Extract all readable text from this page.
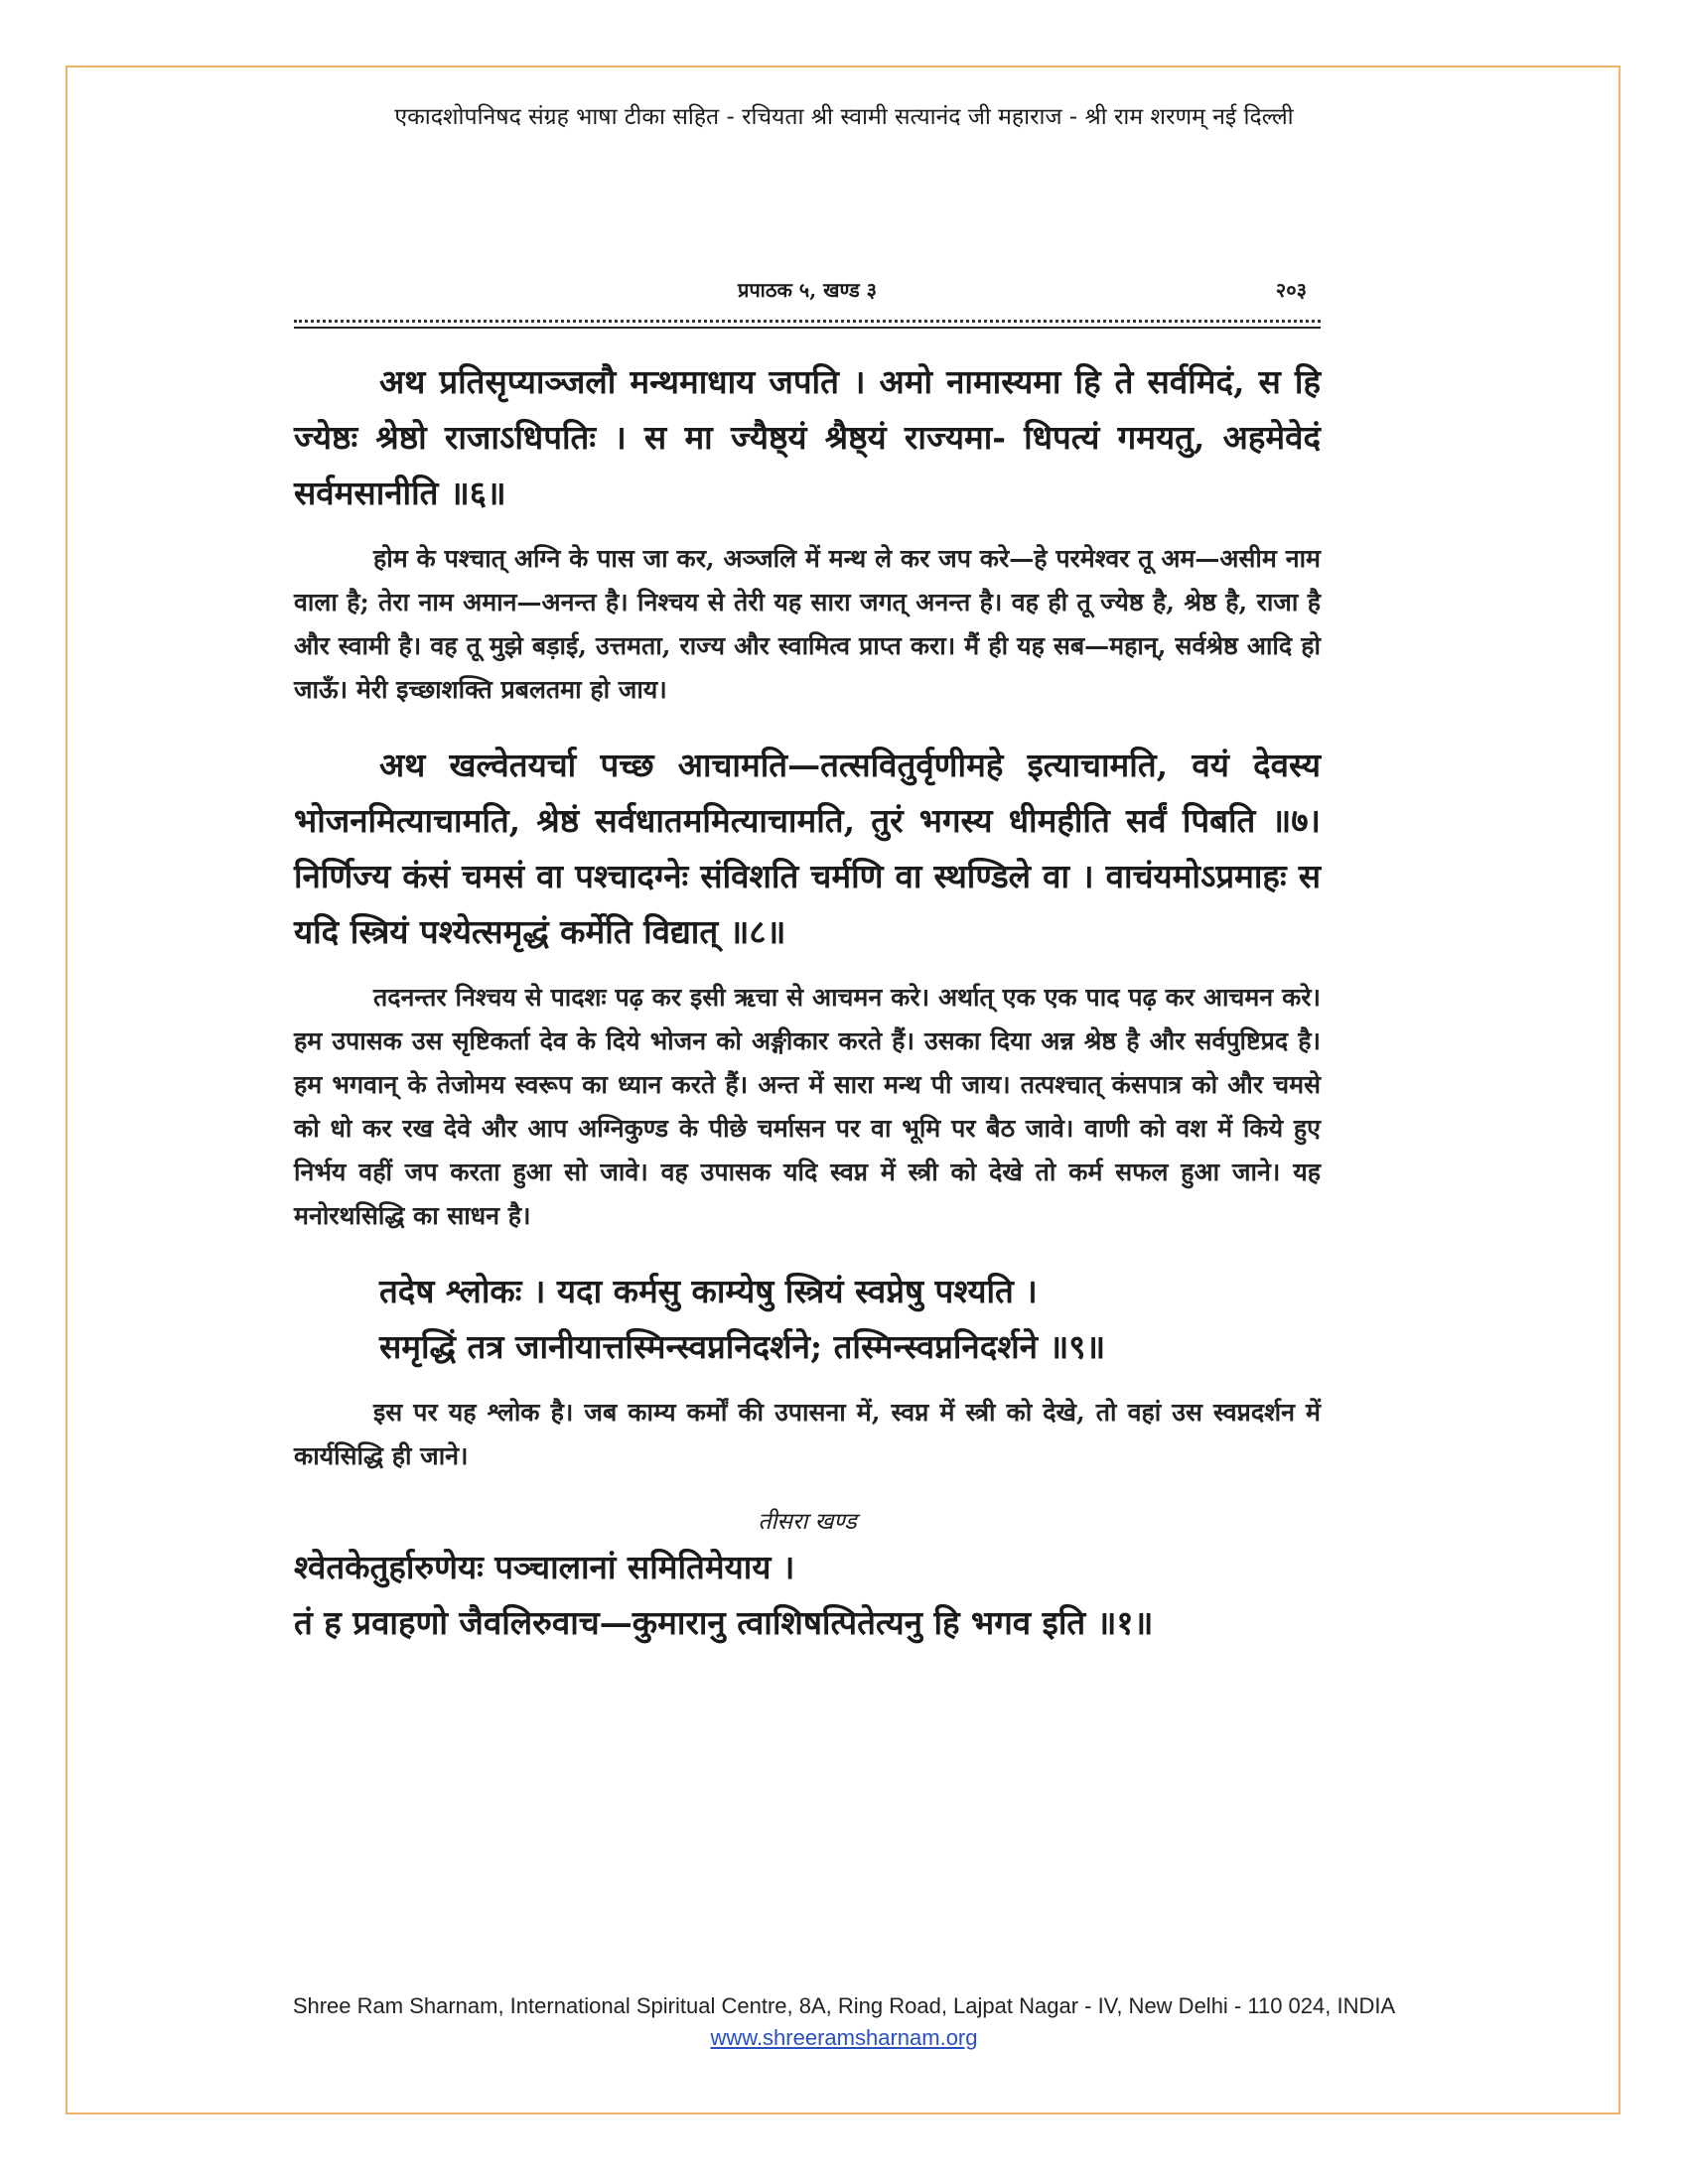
एकादशोपनिषद संग्रह भाषा टीका सहित - रचियता श्री स्वामी सत्यानंद जी महाराज - श्री राम शरणम् नई दिल्ली
प्रपाठक ५, खण्ड ३	२०३

अथ प्रतिसृप्याञ्जलौ मन्थमाधाय जपति । अमो नामास्यमा हि ते सर्वमिदं, स हि ज्येष्ठः श्रेष्ठो राजाऽधिपतिः । स मा ज्यैष्ठ्यं श्रैष्ठ्यं राज्यमा- धिपत्यं गमयतु, अहमेवेदं सर्वमसानीति ॥६॥

होम के पश्चात् अग्नि के पास जा कर, अञ्जलि में मन्थ ले कर जप करे—हे परमेश्वर तू अम—असीम नाम वाला है; तेरा नाम अमान—अनन्त है। निश्चय से तेरी यह सारा जगत् अनन्त है। वह ही तू ज्येष्ठ है, श्रेष्ठ है, राजा है और स्वामी है। वह तू मुझे बड़ाई, उत्तमता, राज्य और स्वामित्व प्राप्त करा। मैं ही यह सब—महान्, सर्वश्रेष्ठ आदि हो जाऊँ। मेरी इच्छाशक्ति प्रबलतमा हो जाय।

अथ खल्वेतयर्चा पच्छ आचामति—तत्सवितुर्वृणीमहे इत्याचामति, वयं देवस्य भोजनमित्याचामति, श्रेष्ठं सर्वधातममित्याचामति, तुरं भगस्य धीमहीति सर्वं पिबति ॥७। निर्णिज्य कंसं चमसं वा पश्चादग्नेः संविशति चर्मणि वा स्थण्डिले वा । वाचंयमोऽप्रमाहः स यदि स्त्रियं पश्येत्समृद्धं कर्मेति विद्यात् ॥८॥

तदनन्तर निश्चय से पादशः पढ़ कर इसी ऋचा से आचमन करे। अर्थात् एक एक पाद पढ़ कर आचमन करे। हम उपासक उस सृष्टिकर्ता देव के दिये भोजन को अङ्गीकार करते हैं। उसका दिया अन्न श्रेष्ठ है और सर्वपुष्टिप्रद है। हम भगवान् के तेजोमय स्वरूप का ध्यान करते हैं। अन्त में सारा मन्थ पी जाय। तत्पश्चात् कंसपात्र को और चमसे को धो कर रख देवे और आप अग्निकुण्ड के पीछे चर्मासन पर वा भूमि पर बैठ जावे। वाणी को वश में किये हुए निर्भय वहीं जप करता हुआ सो जावे। वह उपासक यदि स्वप्न में स्त्री को देखे तो कर्म सफल हुआ जाने। यह मनोरथसिद्धि का साधन है।

तदेष श्लोकः । यदा कर्मसु काम्येषु स्त्रियं स्वप्नेषु पश्यति ।
समृद्धिं तत्र जानीयात्तस्मिन्स्वप्ननिदर्शने; तस्मिन्स्वप्ननिदर्शने ॥९॥

इस पर यह श्लोक है। जब काम्य कर्मों की उपासना में, स्वप्न में स्त्री को देखे, तो वहां उस स्वप्नदर्शन में कार्यसिद्धि ही जाने।

तीसरा खण्ड

श्वेतकेतुर्हारुणेयः पञ्चालानां समितिमेयाय ।
तं ह प्रवाहणो जैवलिरुवाच—कुमारानु त्वाशिषत्पितेत्यनु हि भगव इति ॥१॥

Shree Ram Sharnam, International Spiritual Centre, 8A, Ring Road, Lajpat Nagar - IV, New Delhi - 110 024, INDIA
www.shreeramsharnam.org
